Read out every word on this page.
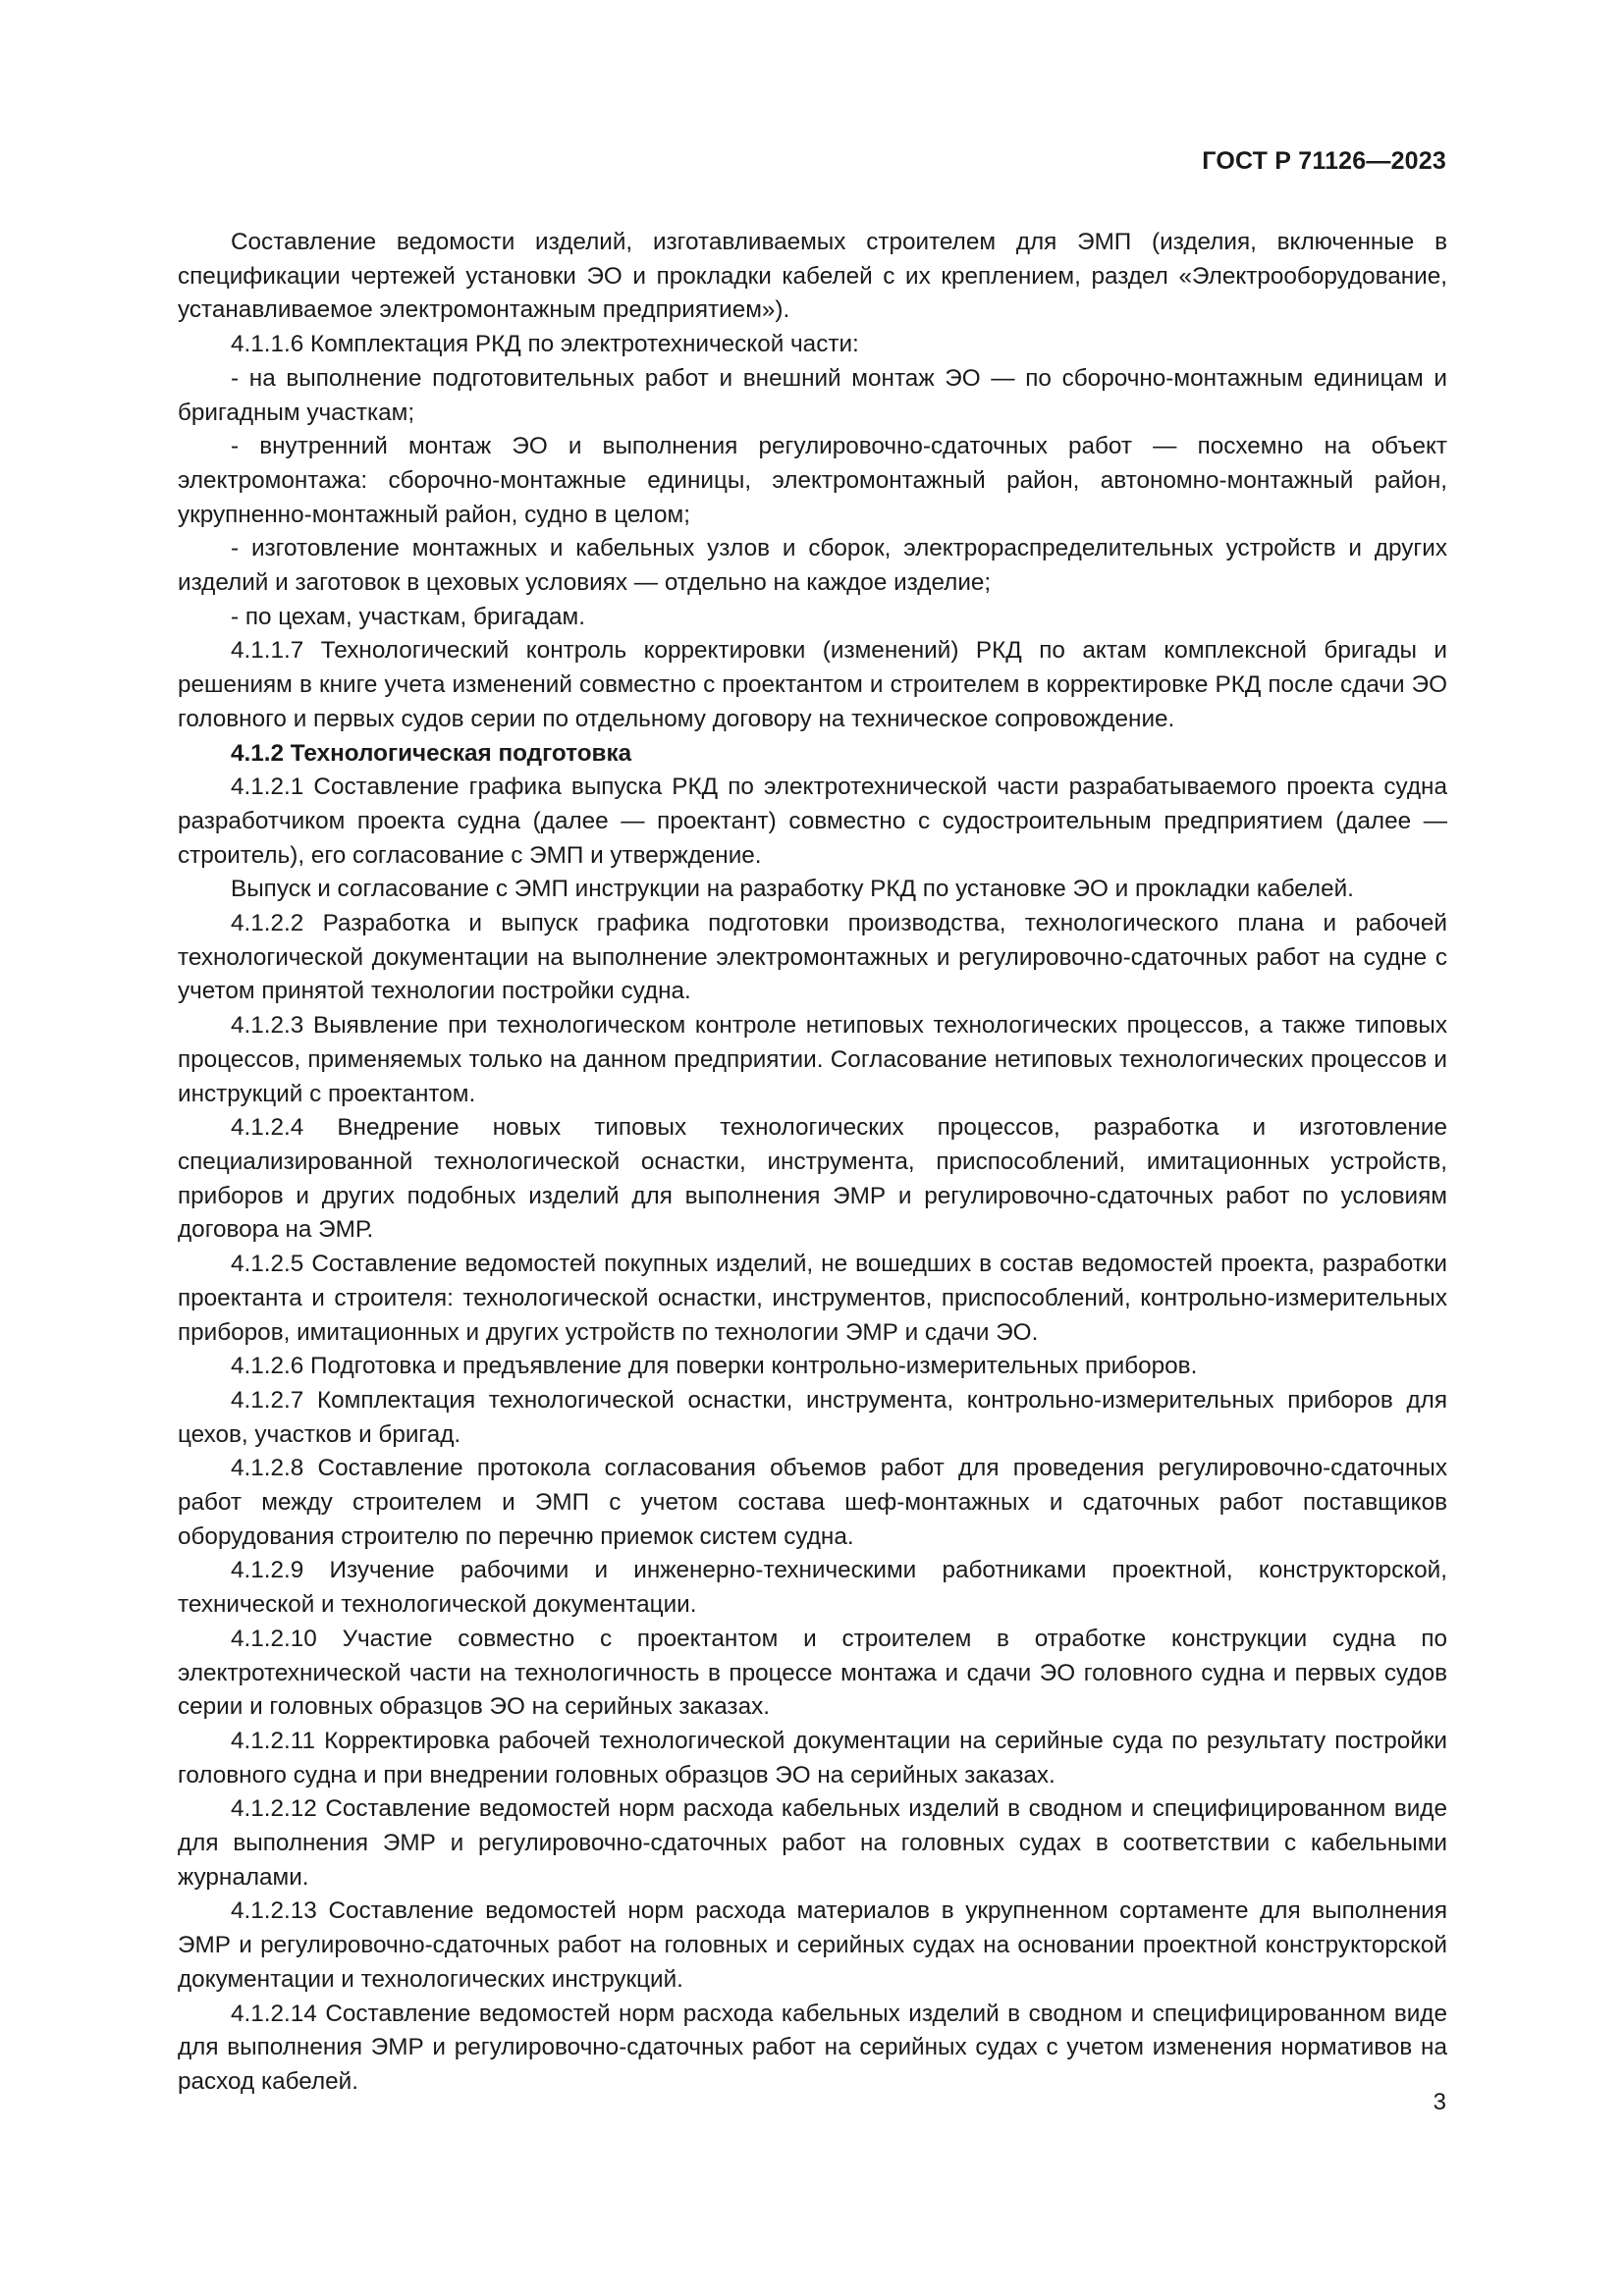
ГОСТ Р 71126—2023

Составление ведомости изделий, изготавливаемых строителем для ЭМП (изделия, включенные в спецификации чертежей установки ЭО и прокладки кабелей с их креплением, раздел «Электрооборудование, устанавливаемое электромонтажным предприятием»).

4.1.1.6 Комплектация РКД по электротехнической части:

- на выполнение подготовительных работ и внешний монтаж ЭО — по сборочно-монтажным единицам и бригадным участкам;

- внутренний монтаж ЭО и выполнения регулировочно-сдаточных работ — посхемно на объект электромонтажа: сборочно-монтажные единицы, электромонтажный район, автономно-монтажный район, укрупненно-монтажный район, судно в целом;

- изготовление монтажных и кабельных узлов и сборок, электрораспределительных устройств и других изделий и заготовок в цеховых условиях — отдельно на каждое изделие;

- по цехам, участкам, бригадам.

4.1.1.7 Технологический контроль корректировки (изменений) РКД по актам комплексной бригады и решениям в книге учета изменений совместно с проектантом и строителем в корректировке РКД после сдачи ЭО головного и первых судов серии по отдельному договору на техническое сопровождение.

4.1.2 Технологическая подготовка

4.1.2.1 Составление графика выпуска РКД по электротехнической части разрабатываемого проекта судна разработчиком проекта судна (далее — проектант) совместно с судостроительным предприятием (далее — строитель), его согласование с ЭМП и утверждение.

Выпуск и согласование с ЭМП инструкции на разработку РКД по установке ЭО и прокладки кабелей.

4.1.2.2 Разработка и выпуск графика подготовки производства, технологического плана и рабочей технологической документации на выполнение электромонтажных и регулировочно-сдаточных работ на судне с учетом принятой технологии постройки судна.

4.1.2.3 Выявление при технологическом контроле нетиповых технологических процессов, а также типовых процессов, применяемых только на данном предприятии. Согласование нетиповых технологических процессов и инструкций с проектантом.

4.1.2.4 Внедрение новых типовых технологических процессов, разработка и изготовление специализированной технологической оснастки, инструмента, приспособлений, имитационных устройств, приборов и других подобных изделий для выполнения ЭМР и регулировочно-сдаточных работ по условиям договора на ЭМР.

4.1.2.5 Составление ведомостей покупных изделий, не вошедших в состав ведомостей проекта, разработки проектанта и строителя: технологической оснастки, инструментов, приспособлений, контрольно-измерительных приборов, имитационных и других устройств по технологии ЭМР и сдачи ЭО.

4.1.2.6 Подготовка и предъявление для поверки контрольно-измерительных приборов.

4.1.2.7 Комплектация технологической оснастки, инструмента, контрольно-измерительных приборов для цехов, участков и бригад.

4.1.2.8 Составление протокола согласования объемов работ для проведения регулировочно-сдаточных работ между строителем и ЭМП с учетом состава шеф-монтажных и сдаточных работ поставщиков оборудования строителю по перечню приемок систем судна.

4.1.2.9 Изучение рабочими и инженерно-техническими работниками проектной, конструкторской, технической и технологической документации.

4.1.2.10 Участие совместно с проектантом и строителем в отработке конструкции судна по электротехнической части на технологичность в процессе монтажа и сдачи ЭО головного судна и первых судов серии и головных образцов ЭО на серийных заказах.

4.1.2.11 Корректировка рабочей технологической документации на серийные суда по результату постройки головного судна и при внедрении головных образцов ЭО на серийных заказах.

4.1.2.12 Составление ведомостей норм расхода кабельных изделий в сводном и специфицированном виде для выполнения ЭМР и регулировочно-сдаточных работ на головных судах в соответствии с кабельными журналами.

4.1.2.13 Составление ведомостей норм расхода материалов в укрупненном сортаменте для выполнения ЭМР и регулировочно-сдаточных работ на головных и серийных судах на основании проектной конструкторской документации и технологических инструкций.

4.1.2.14 Составление ведомостей норм расхода кабельных изделий в сводном и специфицированном виде для выполнения ЭМР и регулировочно-сдаточных работ на серийных судах с учетом изменения нормативов на расход кабелей.

3
